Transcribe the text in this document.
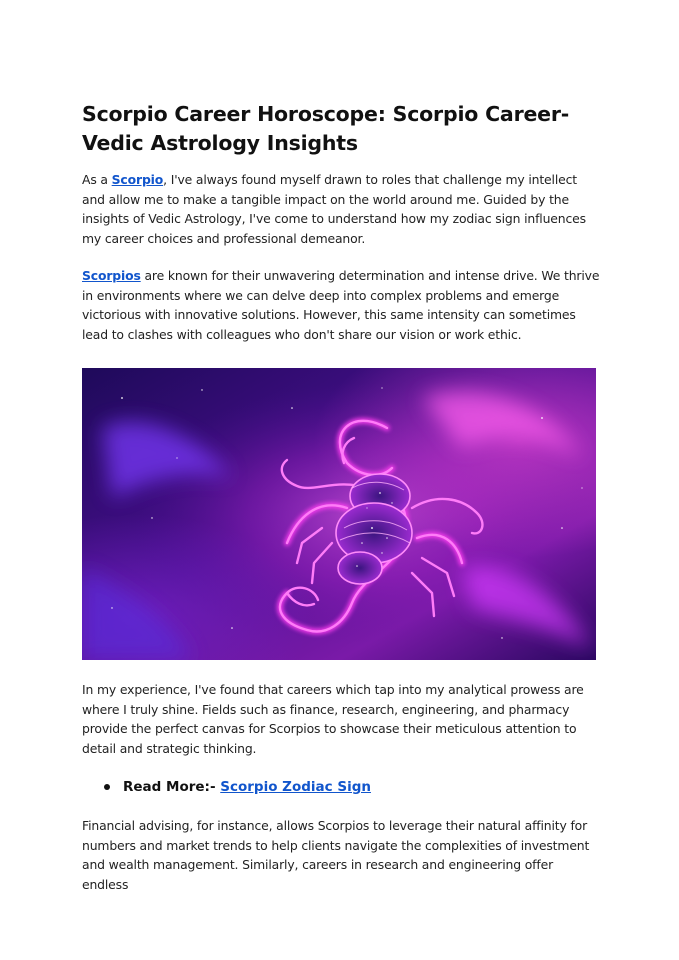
Scorpio Career Horoscope: Scorpio Career-Vedic Astrology Insights

As a Scorpio, I've always found myself drawn to roles that challenge my intellect and allow me to make a tangible impact on the world around me. Guided by the insights of Vedic Astrology, I've come to understand how my zodiac sign influences my career choices and professional demeanor.

Scorpios are known for their unwavering determination and intense drive. We thrive in environments where we can delve deep into complex problems and emerge victorious with innovative solutions. However, this same intensity can sometimes lead to clashes with colleagues who don't share our vision or work ethic.

In my experience, I've found that careers which tap into my analytical prowess are where I truly shine. Fields such as finance, research, engineering, and pharmacy provide the perfect canvas for Scorpios to showcase their meticulous attention to detail and strategic thinking.

Read More:- Scorpio Zodiac Sign

Financial advising, for instance, allows Scorpios to leverage their natural affinity for numbers and market trends to help clients navigate the complexities of investment and wealth management. Similarly, careers in research and engineering offer endless
